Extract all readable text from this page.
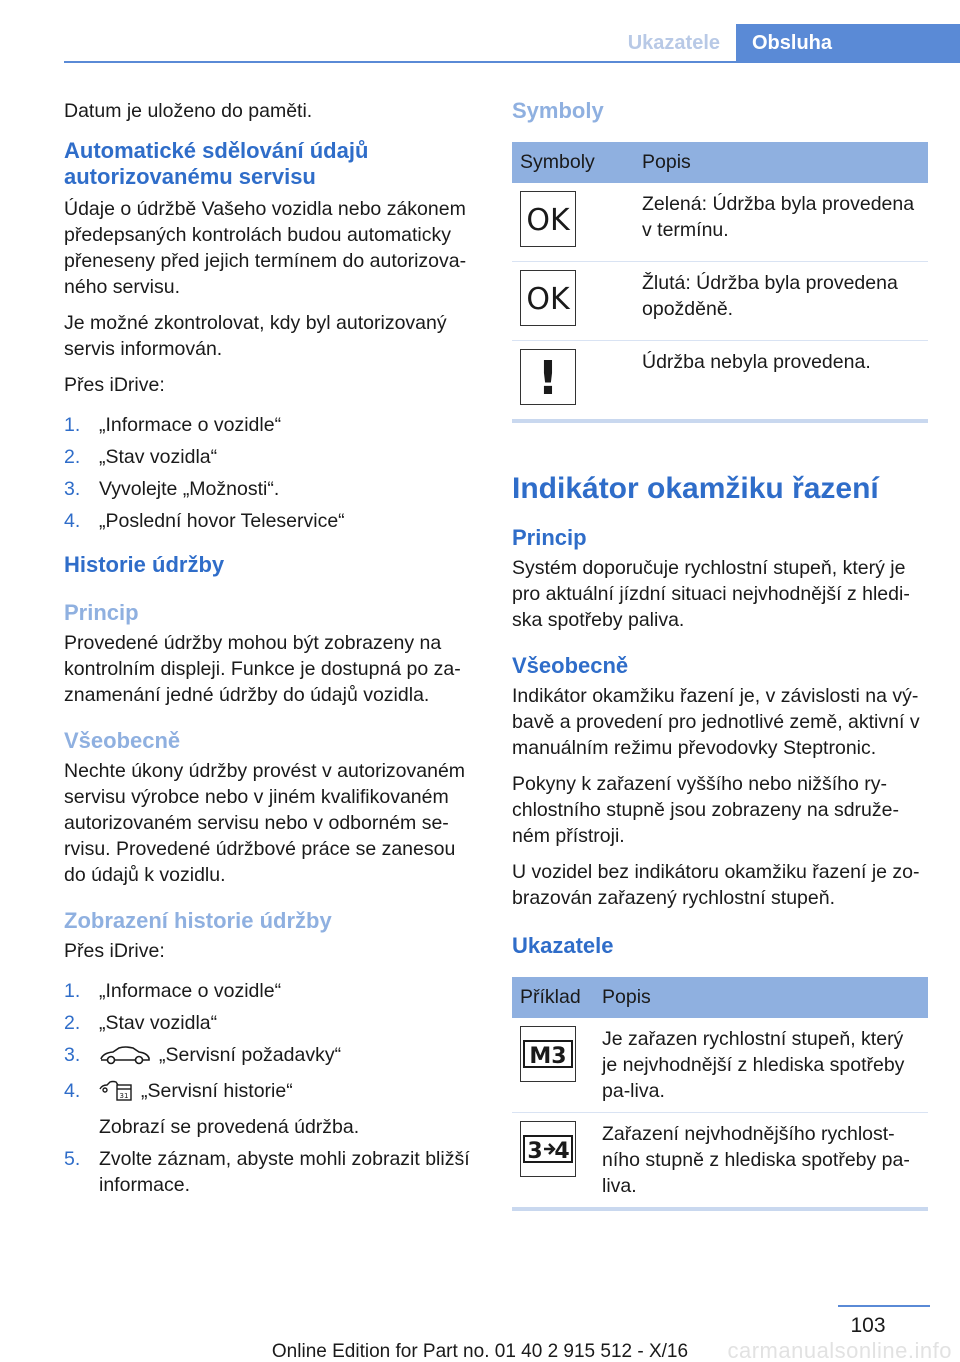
Ukazatele	Obsluha

Datum je uloženo do paměti.

Automatické sdělování údajů autorizovanému servisu

Údaje o údržbě Vašeho vozidla nebo zákonem předepsaných kontrolách budou automaticky přeneseny před jejich termínem do autorizova-ného servisu.

Je možné zkontrolovat, kdy byl autorizovaný servis informován.

Přes iDrive:

1. „Informace o vozidle“
2. „Stav vozidla“
3. Vyvolejte „Možnosti“.
4. „Poslední hovor Teleservice“
Historie údržby
Princip

Provedené údržby mohou být zobrazeny na kontrolním displeji. Funkce je dostupná po za-znamenání jedné údržby do údajů vozidla.

Všeobecně

Nechte úkony údržby provést v autorizovaném servisu výrobce nebo v jiném kvalifikovaném autorizovaném servisu nebo v odborném se-rvisu. Provedené údržbové práce se zanesou do údajů k vozidlu.

Zobrazení historie údržby

Přes iDrive:

1. „Informace o vozidle“
2. „Stav vozidla“
3.	„Servisní požadavky“
4.	31 „Servisní historie“
Zobrazí se provedená údržba.
5. Zvolte záznam, abyste mohli zobrazit bližší informace.
Symboly
Symboly	Popis

OK	Zelená: Údržba byla provedena v termínu.

OK	Žlutá: Údržba byla provedena opožděně.

!	Údržba nebyla provedena.
Indikátor okamžiku řazení
Princip

Systém doporučuje rychlostní stupeň, který je pro aktuální jízdní situaci nejvhodnější z hledi-ska spotřeby paliva.

Všeobecně

Indikátor okamžiku řazení je, v závislosti na vý-bavě a provedení pro jednotlivé země, aktivní v manuálním režimu převodovky Steptronic.

Pokyny k zařazení vyššího nebo nižšího ry-chlostního stupně jsou zobrazeny na sdruže-ném přístroji.

U vozidel bez indikátoru okamžiku řazení je zo-brazován zařazený rychlostní stupeň.

Ukazatele
Příklad	Popis

M3	Je zařazen rychlostní stupeň, který je nejvhodnější z hlediska spotřeby pa-liva.

3 4	Zařazení nejvhodnějšího rychlost-ního stupně z hlediska spotřeby pa-liva.
103
Online Edition for Part no. 01 40 2 915 512 - X/16	carmanualsonline.info
